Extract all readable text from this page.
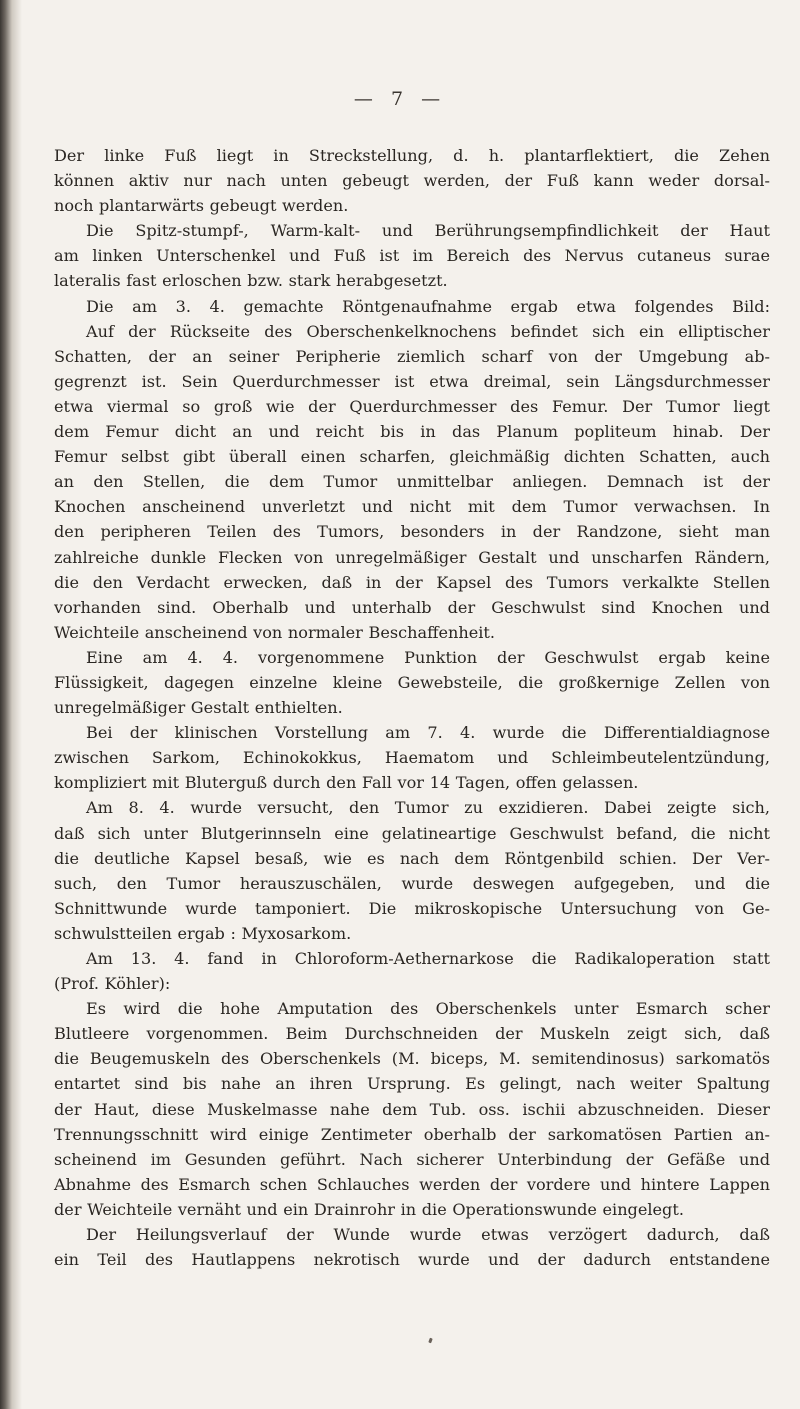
— 7 —

Der linke Fuß liegt in Streckstellung, d. h. plantarflektiert, die Zehen

können aktiv nur nach unten gebeugt werden, der Fuß kann weder dorsal-

noch plantarwärts gebeugt werden.

Die Spitz-stumpf-, Warm-kalt- und Berührungsempfindlichkeit der Haut

am linken Unterschenkel und Fuß ist im Bereich des Nervus cutaneus surae

lateralis fast erloschen bzw. stark herabgesetzt.

Die am 3. 4. gemachte Röntgenaufnahme ergab etwa folgendes Bild:

Auf der Rückseite des Oberschenkelknochens befindet sich ein elliptischer

Schatten, der an seiner Peripherie ziemlich scharf von der Umgebung ab-

gegrenzt ist. Sein Querdurchmesser ist etwa dreimal, sein Längsdurchmesser

etwa viermal so groß wie der Querdurchmesser des Femur. Der Tumor liegt

dem Femur dicht an und reicht bis in das Planum popliteum hinab. Der

Femur selbst gibt überall einen scharfen, gleichmäßig dichten Schatten, auch

an den Stellen, die dem Tumor unmittelbar anliegen. Demnach ist der

Knochen anscheinend unverletzt und nicht mit dem Tumor verwachsen. In

den peripheren Teilen des Tumors, besonders in der Randzone, sieht man

zahlreiche dunkle Flecken von unregelmäßiger Gestalt und unscharfen Rändern,

die den Verdacht erwecken, daß in der Kapsel des Tumors verkalkte Stellen

vorhanden sind. Oberhalb und unterhalb der Geschwulst sind Knochen und

Weichteile anscheinend von normaler Beschaffenheit.

Eine am 4. 4. vorgenommene Punktion der Geschwulst ergab keine

Flüssigkeit, dagegen einzelne kleine Gewebsteile, die großkernige Zellen von

unregelmäßiger Gestalt enthielten.

Bei der klinischen Vorstellung am 7. 4. wurde die Differentialdiagnose

zwischen Sarkom, Echinokokkus, Haematom und Schleimbeutelentzündung,

kompliziert mit Bluterguß durch den Fall vor 14 Tagen, offen gelassen.

Am 8. 4. wurde versucht, den Tumor zu exzidieren. Dabei zeigte sich,

daß sich unter Blutgerinnseln eine gelatineartige Geschwulst befand, die nicht

die deutliche Kapsel besaß, wie es nach dem Röntgenbild schien. Der Ver-

such, den Tumor herauszuschälen, wurde deswegen aufgegeben, und die

Schnittwunde wurde tamponiert. Die mikroskopische Untersuchung von Ge-

schwulstteilen ergab : Myxosarkom.

Am 13. 4. fand in Chloroform-Aethernarkose die Radikaloperation statt

(Prof. Köhler):

Es wird die hohe Amputation des Oberschenkels unter Esmarch scher

Blutleere vorgenommen. Beim Durchschneiden der Muskeln zeigt sich, daß

die Beugemuskeln des Oberschenkels (M. biceps, M. semitendinosus) sarkomatös

entartet sind bis nahe an ihren Ursprung. Es gelingt, nach weiter Spaltung

der Haut, diese Muskelmasse nahe dem Tub. oss. ischii abzuschneiden. Dieser

Trennungsschnitt wird einige Zentimeter oberhalb der sarkomatösen Partien an-

scheinend im Gesunden geführt. Nach sicherer Unterbindung der Gefäße und

Abnahme des Esmarch schen Schlauches werden der vordere und hintere Lappen

der Weichteile vernäht und ein Drainrohr in die Operationswunde eingelegt.

Der Heilungsverlauf der Wunde wurde etwas verzögert dadurch, daß

ein Teil des Hautlappens nekrotisch wurde und der dadurch entstandene
